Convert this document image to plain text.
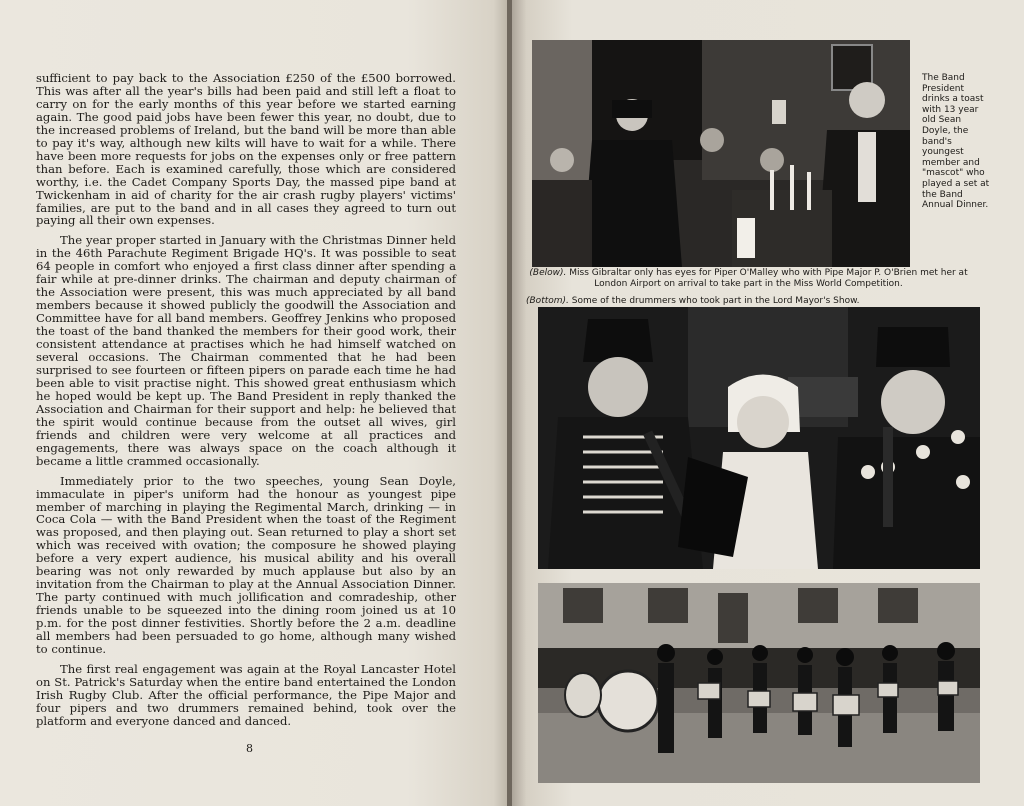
sufficient to pay back to the Association £250 of the £500 borrowed. This was after all the year's bills had been paid and still left a float to carry on for the early months of this year before we started earning again. The good paid jobs have been fewer this year, no doubt, due to the increased problems of Ireland, but the band will be more than able to pay it's way, although new kilts will have to wait for a while. There have been more requests for jobs on the expenses only or free pattern than before. Each is examined carefully, those which are considered worthy, i.e. the Cadet Company Sports Day, the massed pipe band at Twickenham in aid of charity for the air crash rugby players' victims' families, are put to the band and in all cases they agreed to turn out paying all their own expenses.

The year proper started in January with the Christmas Dinner held in the 46th Parachute Regiment Brigade HQ's. It was possible to seat 64 people in comfort who enjoyed a first class dinner after spending a fair while at pre-dinner drinks. The chairman and deputy chairman of the Association were present, this was much appreciated by all band members because it showed publicly the goodwill the Association and Committee have for all band members. Geoffrey Jenkins who proposed the toast of the band thanked the members for their good work, their consistent attendance at practises which he had himself watched on several occasions. The Chairman commented that he had been surprised to see fourteen or fifteen pipers on parade each time he had been able to visit practise night. This showed great enthusiasm which he hoped would be kept up. The Band President in reply thanked the Association and Chairman for their support and help: he believed that the spirit would continue because from the outset all wives, girl friends and children were very welcome at all practices and engagements, there was always space on the coach although it became a little crammed occasionally.

Immediately prior to the two speeches, young Sean Doyle, immaculate in piper's uniform had the honour as youngest pipe member of marching in playing the Regimental March, drinking — in Coca Cola — with the Band President when the toast of the Regiment was proposed, and then playing out. Sean returned to play a short set which was received with ovation; the composure he showed playing before a very expert audience, his musical ability and his overall bearing was not only rewarded by much applause but also by an invitation from the Chairman to play at the Annual Association Dinner. The party continued with much jollification and comradeship, other friends unable to be squeezed into the dining room joined us at 10 p.m. for the post dinner festivities. Shortly before the 2 a.m. deadline all members had been persuaded to go home, although many wished to continue.

The first real engagement was again at the Royal Lancaster Hotel on St. Patrick's Saturday when the entire band entertained the London Irish Rugby Club. After the official performance, the Pipe Major and four pipers and two drummers remained behind, took over the platform and everyone danced and danced.

8
The Band President drinks a toast with 13 year old Sean Doyle, the band's youngest member and "mascot" who played a set at the Band Annual Dinner.
(Below). Miss Gibraltar only has eyes for Piper O'Malley who with Pipe Major P. O'Brien met her at London Airport on arrival to take part in the Miss World Competition.
(Bottom). Some of the drummers who took part in the Lord Mayor's Show.
